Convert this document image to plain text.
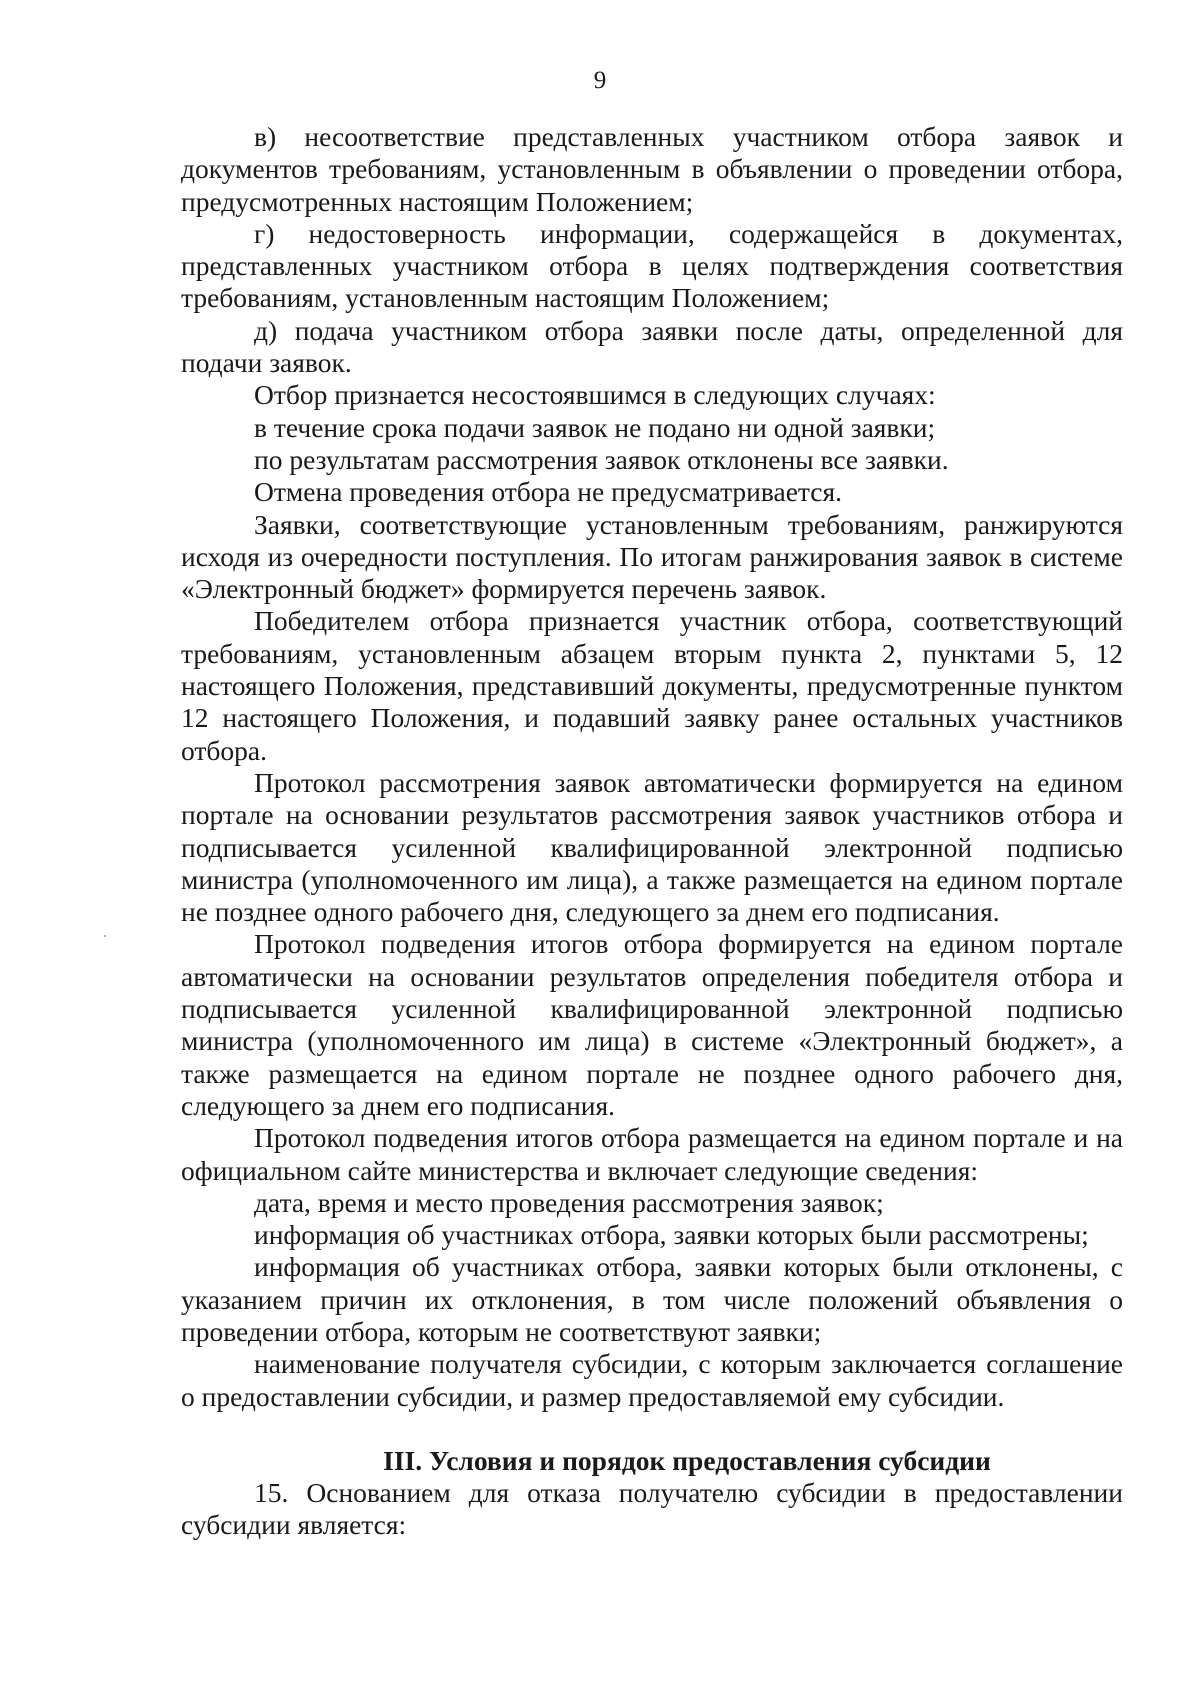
9

в) несоответствие представленных участником отбора заявок и документов требованиям, установленным в объявлении о проведении отбора, предусмотренных настоящим Положением;

г) недостоверность информации, содержащейся в документах, представленных участником отбора в целях подтверждения соответствия требованиям, установленным настоящим Положением;

д) подача участником отбора заявки после даты, определенной для подачи заявок.

Отбор признается несостоявшимся в следующих случаях:

в течение срока подачи заявок не подано ни одной заявки;

по результатам рассмотрения заявок отклонены все заявки.

Отмена проведения отбора не предусматривается.

Заявки, соответствующие установленным требованиям, ранжируются исходя из очередности поступления. По итогам ранжирования заявок в системе «Электронный бюджет» формируется перечень заявок.

Победителем отбора признается участник отбора, соответствующий требованиям, установленным абзацем вторым пункта 2, пунктами 5, 12 настоящего Положения, представивший документы, предусмотренные пунктом 12 настоящего Положения, и подавший заявку ранее остальных участников отбора.

Протокол рассмотрения заявок автоматически формируется на едином портале на основании результатов рассмотрения заявок участников отбора и подписывается усиленной квалифицированной электронной подписью министра (уполномоченного им лица), а также размещается на едином портале не позднее одного рабочего дня, следующего за днем его подписания.

Протокол подведения итогов отбора формируется на едином портале автоматически на основании результатов определения победителя отбора и подписывается усиленной квалифицированной электронной подписью министра (уполномоченного им лица) в системе «Электронный бюджет», а также размещается на едином портале не позднее одного рабочего дня, следующего за днем его подписания.

Протокол подведения итогов отбора размещается на едином портале и на официальном сайте министерства и включает следующие сведения:

дата, время и место проведения рассмотрения заявок;

информация об участниках отбора, заявки которых были рассмотрены;

информация об участниках отбора, заявки которых были отклонены, с указанием причин их отклонения, в том числе положений объявления о проведении отбора, которым не соответствуют заявки;

наименование получателя субсидии, с которым заключается соглашение о предоставлении субсидии, и размер предоставляемой ему субсидии.

III. Условия и порядок предоставления субсидии

15. Основанием для отказа получателю субсидии в предоставлении субсидии является:
